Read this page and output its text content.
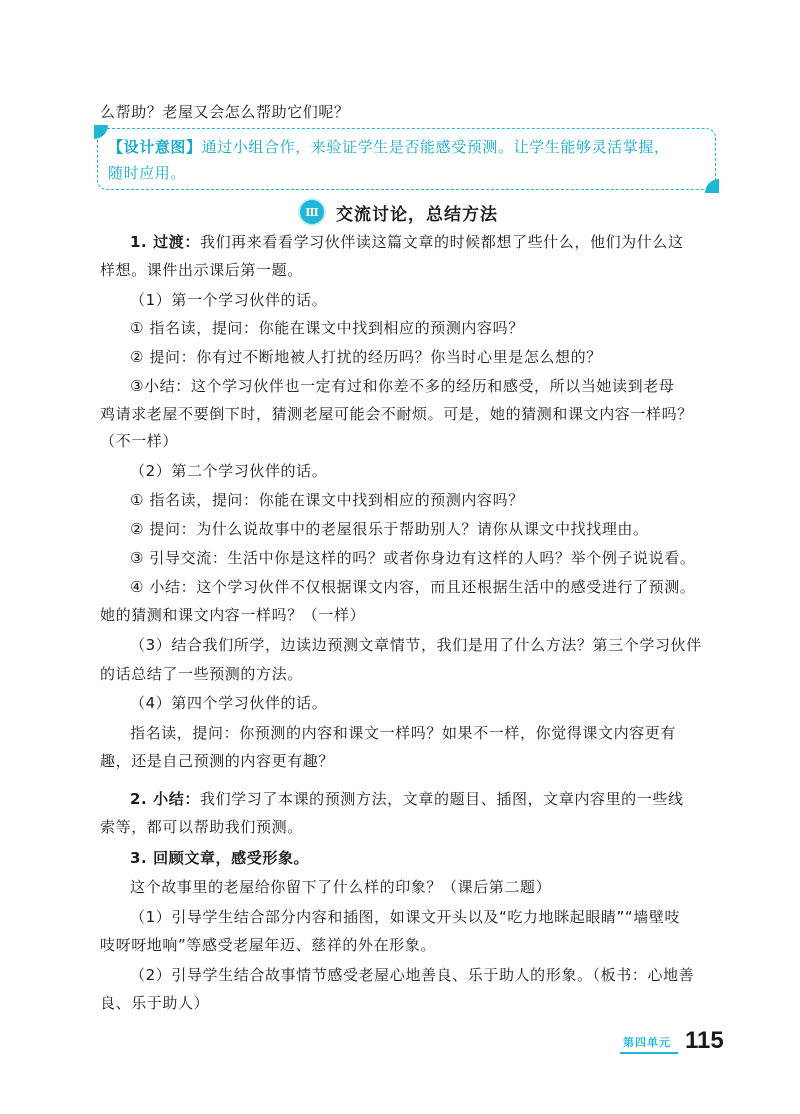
么帮助？老屋又会怎么帮助它们呢？
【设计意图】通过小组合作，来验证学生是否能感受预测。让学生能够灵活掌握，
随时应用。
Ⅲ	交流讨论，总结方法
1. 过渡：我们再来看看学习伙伴读这篇文章的时候都想了些什么，他们为什么这
样想。课件出示课后第一题。
（1）第一个学习伙伴的话。
① 指名读，提问：你能在课文中找到相应的预测内容吗？
② 提问：你有过不断地被人打扰的经历吗？你当时心里是怎么想的？
③小结：这个学习伙伴也一定有过和你差不多的经历和感受，所以当她读到老母
鸡请求老屋不要倒下时，猜测老屋可能会不耐烦。可是，她的猜测和课文内容一样吗？
（不一样）
（2）第二个学习伙伴的话。
① 指名读，提问：你能在课文中找到相应的预测内容吗？
② 提问：为什么说故事中的老屋很乐于帮助别人？请你从课文中找找理由。
③ 引导交流：生活中你是这样的吗？或者你身边有这样的人吗？举个例子说说看。
④ 小结：这个学习伙伴不仅根据课文内容，而且还根据生活中的感受进行了预测。
她的猜测和课文内容一样吗？（一样）
（3）结合我们所学，边读边预测文章情节，我们是用了什么方法？第三个学习伙伴
的话总结了一些预测的方法。
（4）第四个学习伙伴的话。
指名读，提问：你预测的内容和课文一样吗？如果不一样，你觉得课文内容更有
趣，还是自己预测的内容更有趣？
2. 小结：我们学习了本课的预测方法，文章的题目、插图，文章内容里的一些线
索等，都可以帮助我们预测。
3. 回顾文章，感受形象。
这个故事里的老屋给你留下了什么样的印象？（课后第二题）
（1）引导学生结合部分内容和插图，如课文开头以及“吃力地眯起眼睛”“墙壁吱
吱呀呀地响”等感受老屋年迈、慈祥的外在形象。
（2）引导学生结合故事情节感受老屋心地善良、乐于助人的形象。（板书：心地善
良、乐于助人）
第四单元 115
